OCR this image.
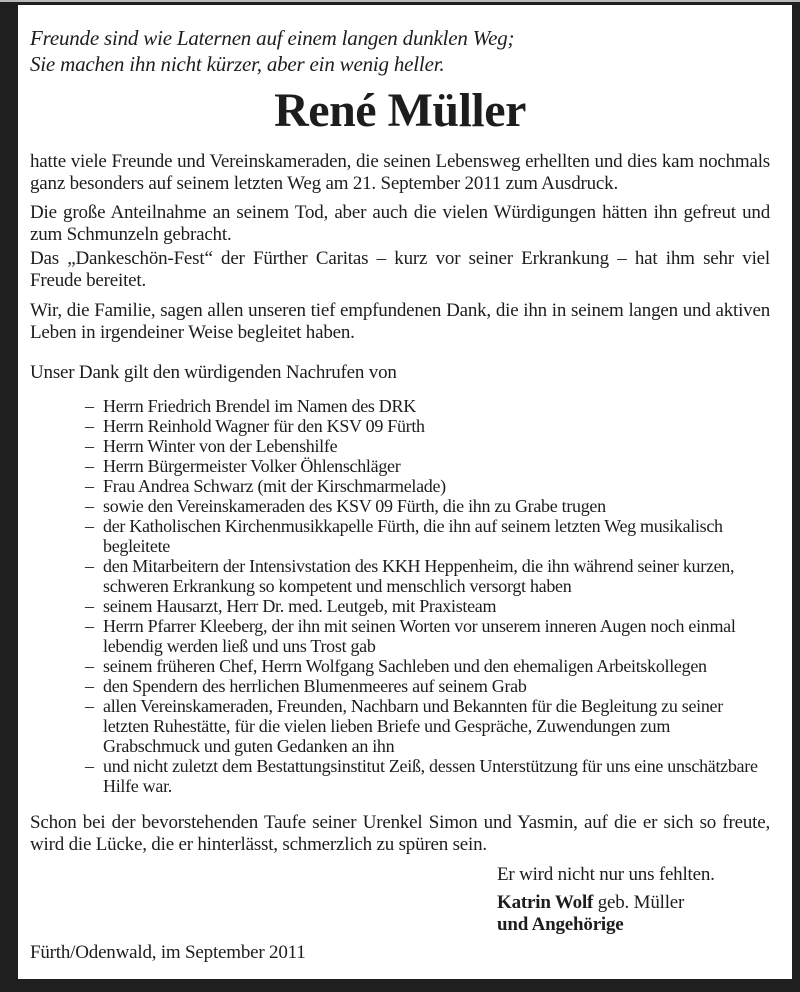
Freunde sind wie Laternen auf einem langen dunklen Weg;
Sie machen ihn nicht kürzer, aber ein wenig heller.
René Müller

hatte viele Freunde und Vereinskameraden, die seinen Lebensweg erhellten und dies kam nochmals ganz besonders auf seinem letzten Weg am 21. September 2011 zum Ausdruck.

Die große Anteilnahme an seinem Tod, aber auch die vielen Würdigungen hätten ihn gefreut und zum Schmunzeln gebracht.

Das „Dankeschön-Fest“ der Fürther Caritas – kurz vor seiner Erkrankung – hat ihm sehr viel Freude bereitet.

Wir, die Familie, sagen allen unseren tief empfundenen Dank, die ihn in seinem langen und aktiven Leben in irgendeiner Weise begleitet haben.

Unser Dank gilt den würdigenden Nachrufen von

– Herrn Friedrich Brendel im Namen des DRK
– Herrn Reinhold Wagner für den KSV 09 Fürth
– Herrn Winter von der Lebenshilfe
– Herrn Bürgermeister Volker Öhlenschläger
– Frau Andrea Schwarz (mit der Kirschmarmelade)
– sowie den Vereinskameraden des KSV 09 Fürth, die ihn zu Grabe trugen
– der Katholischen Kirchenmusikkapelle Fürth, die ihn auf seinem letzten Weg musikalisch begleitete
– den Mitarbeitern der Intensivstation des KKH Heppenheim, die ihn während seiner kurzen, schweren Erkrankung so kompetent und menschlich versorgt haben
– seinem Hausarzt, Herr Dr. med. Leutgeb, mit Praxisteam
– Herrn Pfarrer Kleeberg, der ihn mit seinen Worten vor unserem inneren Augen noch einmal lebendig werden ließ und uns Trost gab
– seinem früheren Chef, Herrn Wolfgang Sachleben und den ehemaligen Arbeitskollegen
– den Spendern des herrlichen Blumenmeeres auf seinem Grab
– allen Vereinskameraden, Freunden, Nachbarn und Bekannten für die Begleitung zu seiner letzten Ruhestätte, für die vielen lieben Briefe und Gespräche, Zuwendungen zum Grabschmuck und guten Gedanken an ihn
– und nicht zuletzt dem Bestattungsinstitut Zeiß, dessen Unterstützung für uns eine unschätzbare Hilfe war.

Schon bei der bevorstehenden Taufe seiner Urenkel Simon und Yasmin, auf die er sich so freute, wird die Lücke, die er hinterlässt, schmerzlich zu spüren sein.

Er wird nicht nur uns fehlten.
Katrin Wolf geb. Müller
und Angehörige
Fürth/Odenwald, im September 2011
